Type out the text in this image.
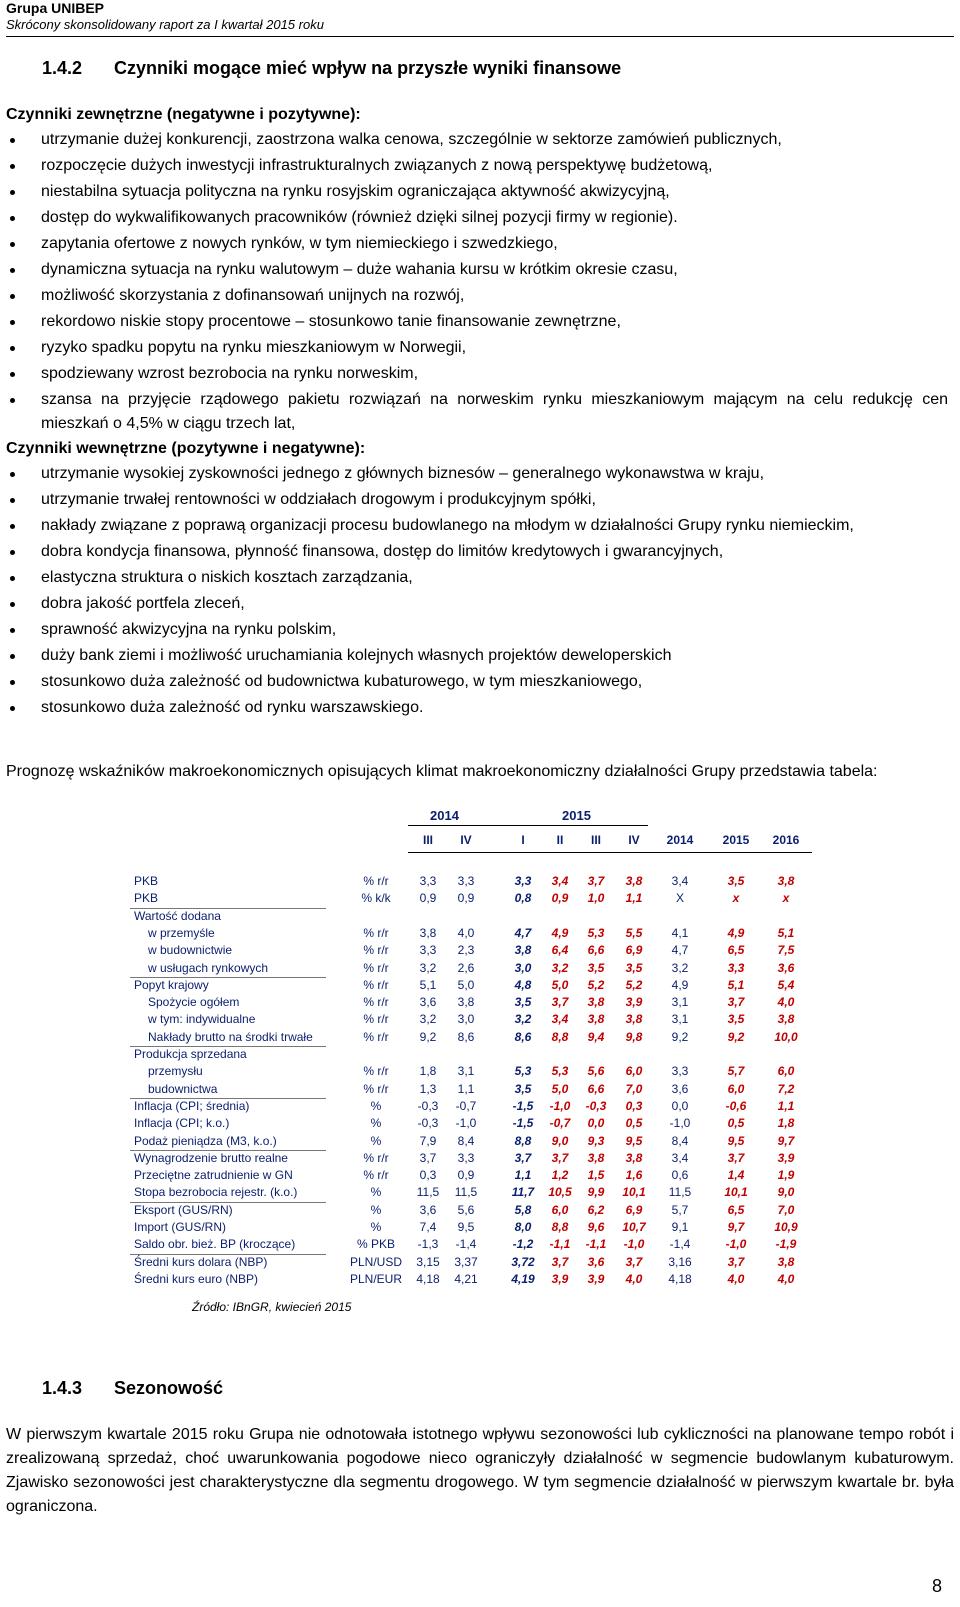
Grupa UNIBEP

Skrócony skonsolidowany raport za I kwartał 2015 roku

1.4.2 Czynniki mogące mieć wpływ na przyszłe wyniki finansowe

Czynniki zewnętrzne (negatywne i pozytywne):

utrzymanie dużej konkurencji, zaostrzona walka cenowa, szczególnie w sektorze zamówień publicznych,
rozpoczęcie dużych inwestycji infrastrukturalnych związanych z nową perspektywę budżetową,
niestabilna sytuacja polityczna na rynku rosyjskim ograniczająca aktywność akwizycyjną,
dostęp do wykwalifikowanych pracowników (również dzięki silnej pozycji firmy w regionie).
zapytania ofertowe z nowych rynków, w tym niemieckiego i szwedzkiego,
dynamiczna sytuacja na rynku walutowym – duże wahania kursu w krótkim okresie czasu,
możliwość skorzystania z dofinansowań unijnych na rozwój,
rekordowo niskie stopy procentowe – stosunkowo tanie finansowanie zewnętrzne,
ryzyko spadku popytu na rynku mieszkaniowym w Norwegii,
spodziewany wzrost bezrobocia na rynku norweskim,
szansa na przyjęcie rządowego pakietu rozwiązań na norweskim rynku mieszkaniowym mającym na celu redukcję cen mieszkań o 4,5% w ciągu trzech lat,

Czynniki wewnętrzne (pozytywne i negatywne):

utrzymanie wysokiej zyskowności jednego z głównych biznesów – generalnego wykonawstwa w kraju,
utrzymanie trwałej rentowności w oddziałach drogowym i produkcyjnym spółki,
nakłady związane z poprawą organizacji procesu budowlanego na młodym w działalności Grupy rynku niemieckim,
dobra kondycja finansowa, płynność finansowa, dostęp do limitów kredytowych i gwarancyjnych,
elastyczna struktura o niskich kosztach zarządzania,
dobra jakość portfela zleceń,
sprawność akwizycyjna na rynku polskim,
duży bank ziemi i możliwość uruchamiania kolejnych własnych projektów deweloperskich
stosunkowo duża zależność od budownictwa kubaturowego, w tym mieszkaniowego,
stosunkowo duża zależność od rynku warszawskiego.

Prognozę wskaźników makroekonomicznych opisujących klimat makroekonomiczny działalności Grupy przedstawia tabela:

2014	2015
III	IV	I	II	III	IV	2014	2015	2016
PKB	% r/r	3,3	3,3	3,3	3,4	3,7	3,8	3,4	3,5	3,8
PKB	% k/k	0,9	0,9	0,8	0,9	1,0	1,1	X	x	x
Wartość dodana
w przemyśle	% r/r	3,8	4,0	4,7	4,9	5,3	5,5	4,1	4,9	5,1
w budownictwie	% r/r	3,3	2,3	3,8	6,4	6,6	6,9	4,7	6,5	7,5
w usługach rynkowych	% r/r	3,2	2,6	3,0	3,2	3,5	3,5	3,2	3,3	3,6
Popyt krajowy	% r/r	5,1	5,0	4,8	5,0	5,2	5,2	4,9	5,1	5,4
Spożycie ogółem	% r/r	3,6	3,8	3,5	3,7	3,8	3,9	3,1	3,7	4,0
w tym: indywidualne	% r/r	3,2	3,0	3,2	3,4	3,8	3,8	3,1	3,5	3,8
Nakłady brutto na środki trwałe	% r/r	9,2	8,6	8,6	8,8	9,4	9,8	9,2	9,2	10,0
Produkcja sprzedana
przemysłu	% r/r	1,8	3,1	5,3	5,3	5,6	6,0	3,3	5,7	6,0
budownictwa	% r/r	1,3	1,1	3,5	5,0	6,6	7,0	3,6	6,0	7,2
Inflacja (CPI; średnia)	%	-0,3	-0,7	-1,5	-1,0	-0,3	0,3	0,0	-0,6	1,1
Inflacja (CPI; k.o.)	%	-0,3	-1,0	-1,5	-0,7	0,0	0,5	-1,0	0,5	1,8
Podaż pieniądza (M3, k.o.)	%	7,9	8,4	8,8	9,0	9,3	9,5	8,4	9,5	9,7
Wynagrodzenie brutto realne	% r/r	3,7	3,3	3,7	3,7	3,8	3,8	3,4	3,7	3,9
Przeciętne zatrudnienie w GN	% r/r	0,3	0,9	1,1	1,2	1,5	1,6	0,6	1,4	1,9
Stopa bezrobocia rejestr. (k.o.)	%	11,5	11,5	11,7	10,5	9,9	10,1	11,5	10,1	9,0
Eksport (GUS/RN)	%	3,6	5,6	5,8	6,0	6,2	6,9	5,7	6,5	7,0
Import (GUS/RN)	%	7,4	9,5	8,0	8,8	9,6	10,7	9,1	9,7	10,9
Saldo obr. bież. BP (kroczące)	% PKB	-1,3	-1,4	-1,2	-1,1	-1,1	-1,0	-1,4	-1,0	-1,9
Średni kurs dolara (NBP)	PLN/USD	3,15	3,37	3,72	3,7	3,6	3,7	3,16	3,7	3,8
Średni kurs euro (NBP)	PLN/EUR	4,18	4,21	4,19	3,9	3,9	4,0	4,18	4,0	4,0
Źródło: IBnGR, kwiecień 2015
1.4.3 Sezonowość

W pierwszym kwartale 2015 roku Grupa nie odnotowała istotnego wpływu sezonowości lub cykliczności na planowane tempo robót i zrealizowaną sprzedaż, choć uwarunkowania pogodowe nieco ograniczyły działalność w segmencie budowlanym kubaturowym. Zjawisko sezonowości jest charakterystyczne dla segmentu drogowego. W tym segmencie działalność w pierwszym kwartale br. była ograniczona.

8
